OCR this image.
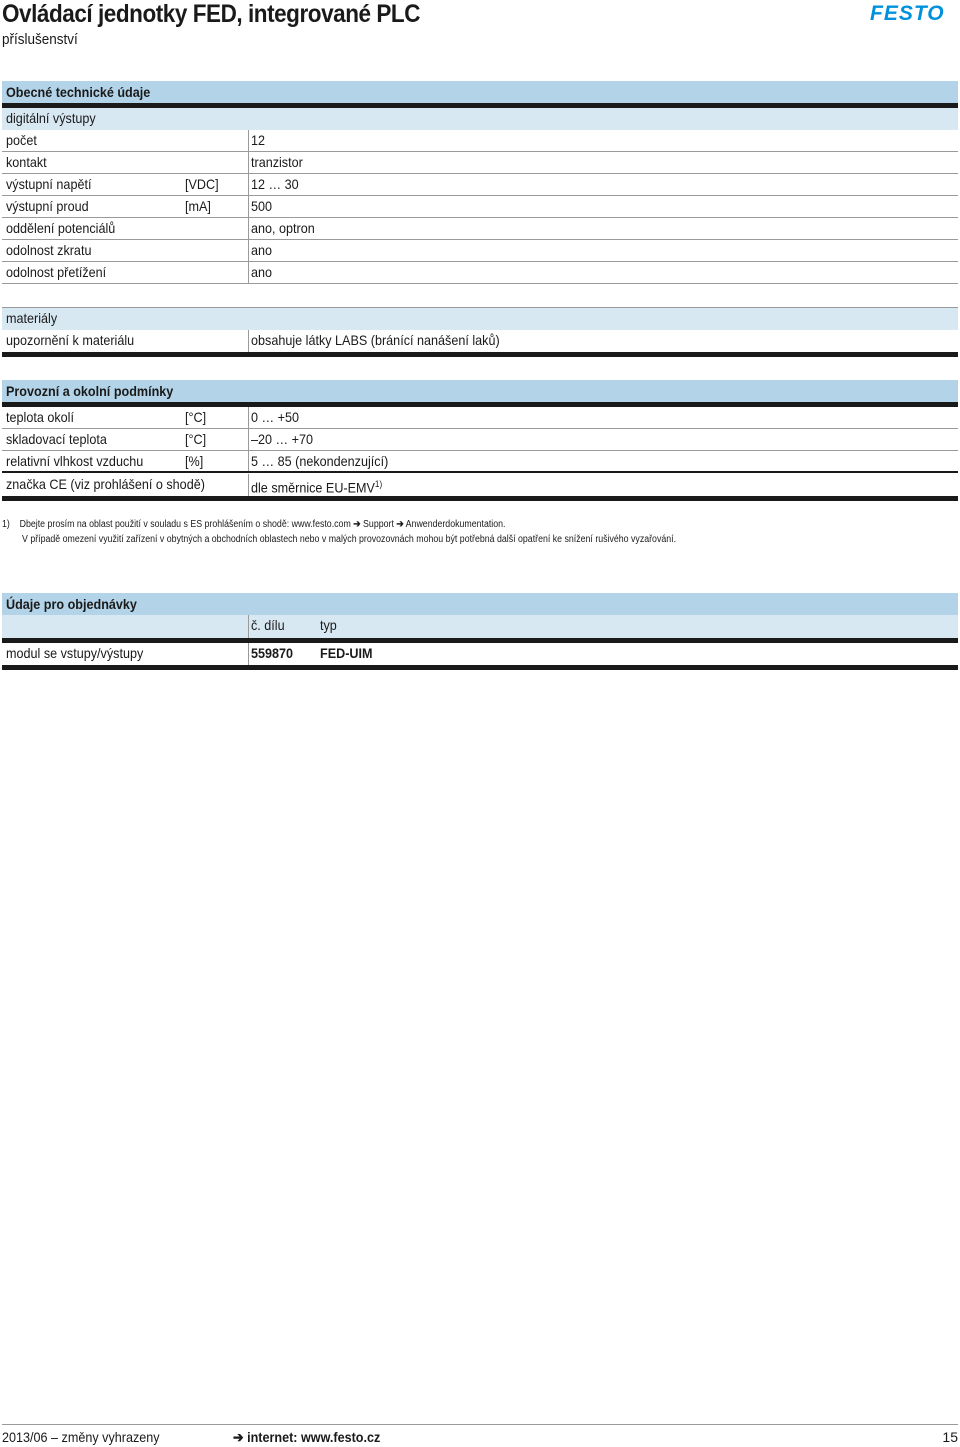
Ovládací jednotky FED, integrované PLC
příslušenství
FESTO
Obecné technické údaje
digitální výstupy
počet	12
kontakt	tranzistor
výstupní napětí	[VDC] 12 … 30
výstupní proud	[mA]	500
oddělení potenciálů	ano, optron
odolnost zkratu	ano
odolnost přetížení	ano
materiály
upozornění k materiálu	obsahuje látky LABS (bránící nanášení laků)
Provozní a okolní podmínky
teplota okolí	[°C]	0 … +50
skladovací teplota	[°C]	–20 … +70
relativní vlhkost vzduchu	[%]	5 … 85 (nekondenzující)
značka CE (viz prohlášení o shodě)	dle směrnice EU-EMV$^{1)}$
1) Dbejte prosím na oblast použití v souladu s ES prohlášením o shodě: www.festo.com ➔ Support ➔ Anwenderdokumentation.
V případě omezení využití zařízení v obytných a obchodních oblastech nebo v malých provozovnách mohou být potřebná další opatření ke snížení rušivého vyzařování.
Údaje pro objednávky
č. dílu	typ
modul se vstupy/výstupy	559870 FED-UIM
2013/06 – změny vyhrazeny	➔ internet: www.festo.cz	15
